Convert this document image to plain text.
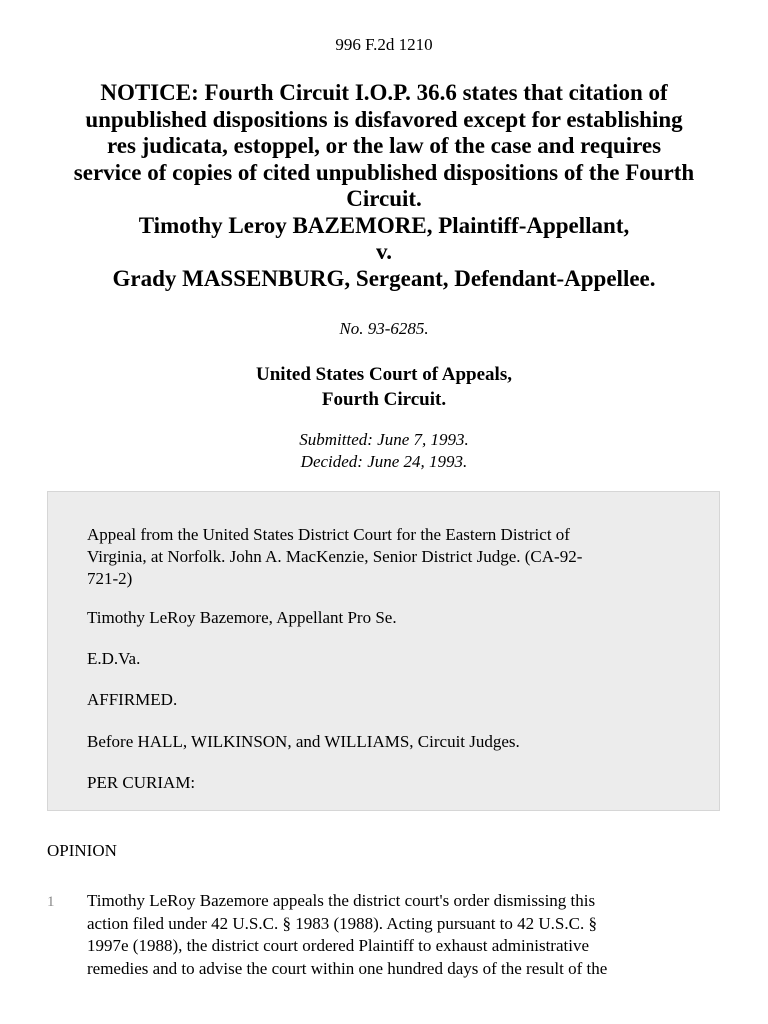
996 F.2d 1210
NOTICE: Fourth Circuit I.O.P. 36.6 states that citation of
unpublished dispositions is disfavored except for establishing
res judicata, estoppel, or the law of the case and requires
service of copies of cited unpublished dispositions of the Fourth
Circuit.
Timothy Leroy BAZEMORE, Plaintiff-Appellant,
v.
Grady MASSENBURG, Sergeant, Defendant-Appellee.
No. 93-6285.
United States Court of Appeals,
Fourth Circuit.
Submitted: June 7, 1993.
Decided: June 24, 1993.
Appeal from the United States District Court for the Eastern District of
Virginia, at Norfolk. John A. MacKenzie, Senior District Judge. (CA-92-
721-2)
Timothy LeRoy Bazemore, Appellant Pro Se.
E.D.Va.
AFFIRMED.
Before HALL, WILKINSON, and WILLIAMS, Circuit Judges.
PER CURIAM:
OPINION
1 Timothy LeRoy Bazemore appeals the district court's order dismissing this
action filed under 42 U.S.C. § 1983 (1988). Acting pursuant to 42 U.S.C. §
1997e (1988), the district court ordered Plaintiff to exhaust administrative
remedies and to advise the court within one hundred days of the result of the
